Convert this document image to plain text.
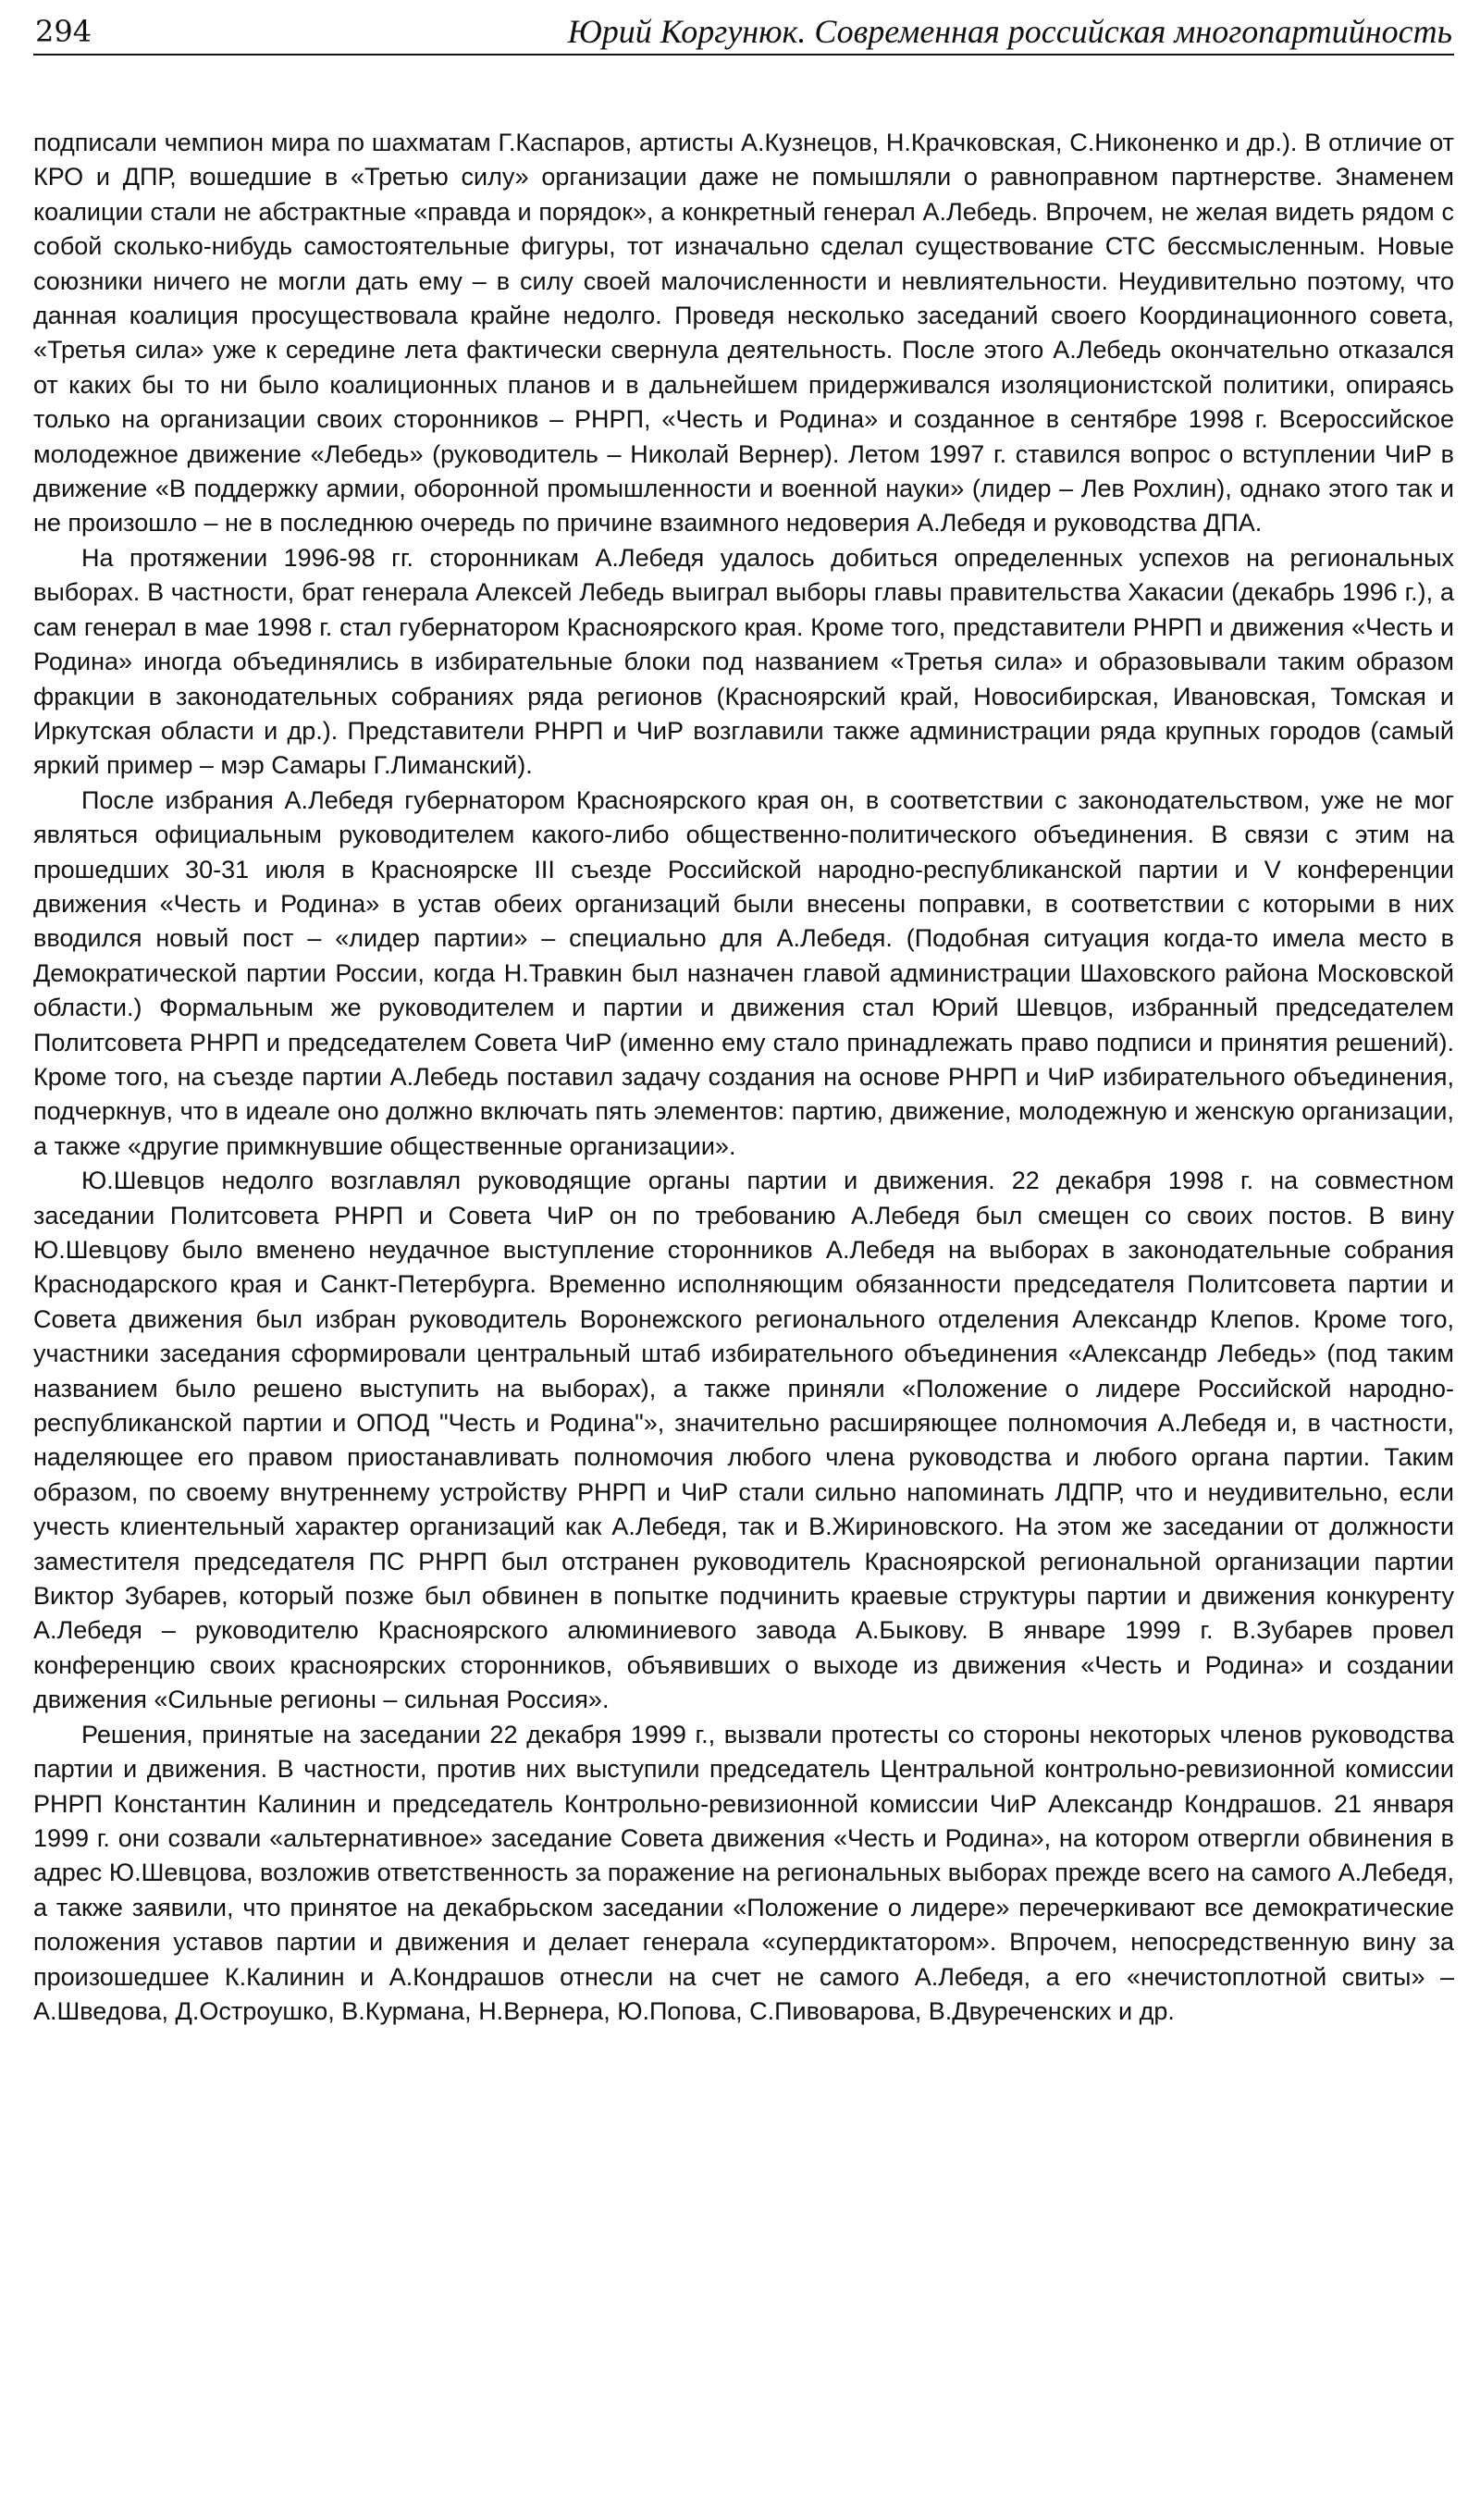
294	Юрий Коргунюк. Современная российская многопартийность

подписали чемпион мира по шахматам Г.Каспаров, артисты А.Кузнецов, Н.Крачковская, С.Никоненко и др.). В отличие от КРО и ДПР, вошедшие в «Третью силу» организации даже не помышляли о равноправном партнерстве. Знаменем коалиции стали не абстрактные «правда и порядок», а конкретный генерал А.Лебедь. Впрочем, не желая видеть рядом с собой сколько-нибудь самостоятельные фигуры, тот изначально сделал существование СТС бессмысленным. Новые союзники ничего не могли дать ему – в силу своей малочисленности и невлиятельности. Неудивительно поэтому, что данная коалиция просуществовала крайне недолго. Проведя несколько заседаний своего Координационного совета, «Третья сила» уже к середине лета фактически свернула деятельность. После этого А.Лебедь окончательно отказался от каких бы то ни было коалиционных планов и в дальнейшем придерживался изоляционистской политики, опираясь только на организации своих сторонников – РНРП, «Честь и Родина» и созданное в сентябре 1998 г. Всероссийское молодежное движение «Лебедь» (руководитель – Николай Вернер). Летом 1997 г. ставился вопрос о вступлении ЧиР в движение «В поддержку армии, оборонной промышленности и военной науки» (лидер – Лев Рохлин), однако этого так и не произошло – не в последнюю очередь по причине взаимного недоверия А.Лебедя и руководства ДПА.

На протяжении 1996-98 гг. сторонникам А.Лебедя удалось добиться определенных успехов на региональных выборах. В частности, брат генерала Алексей Лебедь выиграл выборы главы правительства Хакасии (декабрь 1996 г.), а сам генерал в мае 1998 г. стал губернатором Красноярского края. Кроме того, представители РНРП и движения «Честь и Родина» иногда объединялись в избирательные блоки под названием «Третья сила» и образовывали таким образом фракции в законодательных собраниях ряда регионов (Красноярский край, Новосибирская, Ивановская, Томская и Иркутская области и др.). Представители РНРП и ЧиР возглавили также администрации ряда крупных городов (самый яркий пример – мэр Самары Г.Лиманский).

После избрания А.Лебедя губернатором Красноярского края он, в соответствии с законодательством, уже не мог являться официальным руководителем какого-либо общественно-политического объединения. В связи с этим на прошедших 30-31 июля в Красноярске III съезде Российской народно-республиканской партии и V конференции движения «Честь и Родина» в устав обеих организаций были внесены поправки, в соответствии с которыми в них вводился новый пост – «лидер партии» – специально для А.Лебедя. (Подобная ситуация когда-то имела место в Демократической партии России, когда Н.Травкин был назначен главой администрации Шаховского района Московской области.) Формальным же руководителем и партии и движения стал Юрий Шевцов, избранный председателем Политсовета РНРП и председателем Совета ЧиР (именно ему стало принадлежать право подписи и принятия решений). Кроме того, на съезде партии А.Лебедь поставил задачу создания на основе РНРП и ЧиР избирательного объединения, подчеркнув, что в идеале оно должно включать пять элементов: партию, движение, молодежную и женскую организации, а также «другие примкнувшие общественные организации».

Ю.Шевцов недолго возглавлял руководящие органы партии и движения. 22 декабря 1998 г. на совместном заседании Политсовета РНРП и Совета ЧиР он по требованию А.Лебедя был смещен со своих постов. В вину Ю.Шевцову было вменено неудачное выступление сторонников А.Лебедя на выборах в законодательные собрания Краснодарского края и Санкт-Петербурга. Временно исполняющим обязанности председателя Политсовета партии и Совета движения был избран руководитель Воронежского регионального отделения Александр Клепов. Кроме того, участники заседания сформировали центральный штаб избирательного объединения «Александр Лебедь» (под таким названием было решено выступить на выборах), а также приняли «Положение о лидере Российской народно-республиканской партии и ОПОД "Честь и Родина"», значительно расширяющее полномочия А.Лебедя и, в частности, наделяющее его правом приостанавливать полномочия любого члена руководства и любого органа партии. Таким образом, по своему внутреннему устройству РНРП и ЧиР стали сильно напоминать ЛДПР, что и неудивительно, если учесть клиентельный характер организаций как А.Лебедя, так и В.Жириновского. На этом же заседании от должности заместителя председателя ПС РНРП был отстранен руководитель Красноярской региональной организации партии Виктор Зубарев, который позже был обвинен в попытке подчинить краевые структуры партии и движения конкуренту А.Лебедя – руководителю Красноярского алюминиевого завода А.Быкову. В январе 1999 г. В.Зубарев провел конференцию своих красноярских сторонников, объявивших о выходе из движения «Честь и Родина» и создании движения «Сильные регионы – сильная Россия».

Решения, принятые на заседании 22 декабря 1999 г., вызвали протесты со стороны некоторых членов руководства партии и движения. В частности, против них выступили председатель Центральной контрольно-ревизионной комиссии РНРП Константин Калинин и председатель Контрольно-ревизионной комиссии ЧиР Александр Кондрашов. 21 января 1999 г. они созвали «альтернативное» заседание Совета движения «Честь и Родина», на котором отвергли обвинения в адрес Ю.Шевцова, возложив ответственность за поражение на региональных выборах прежде всего на самого А.Лебедя, а также заявили, что принятое на декабрьском заседании «Положение о лидере» перечеркивают все демократические положения уставов партии и движения и делает генерала «супердиктатором». Впрочем, непосредственную вину за произошедшее К.Калинин и А.Кондрашов отнесли на счет не самого А.Лебедя, а его «нечистоплотной свиты» – А.Шведова, Д.Остроушко, В.Курмана, Н.Вернера, Ю.Попова, С.Пивоварова, В.Двуреченских и др.
